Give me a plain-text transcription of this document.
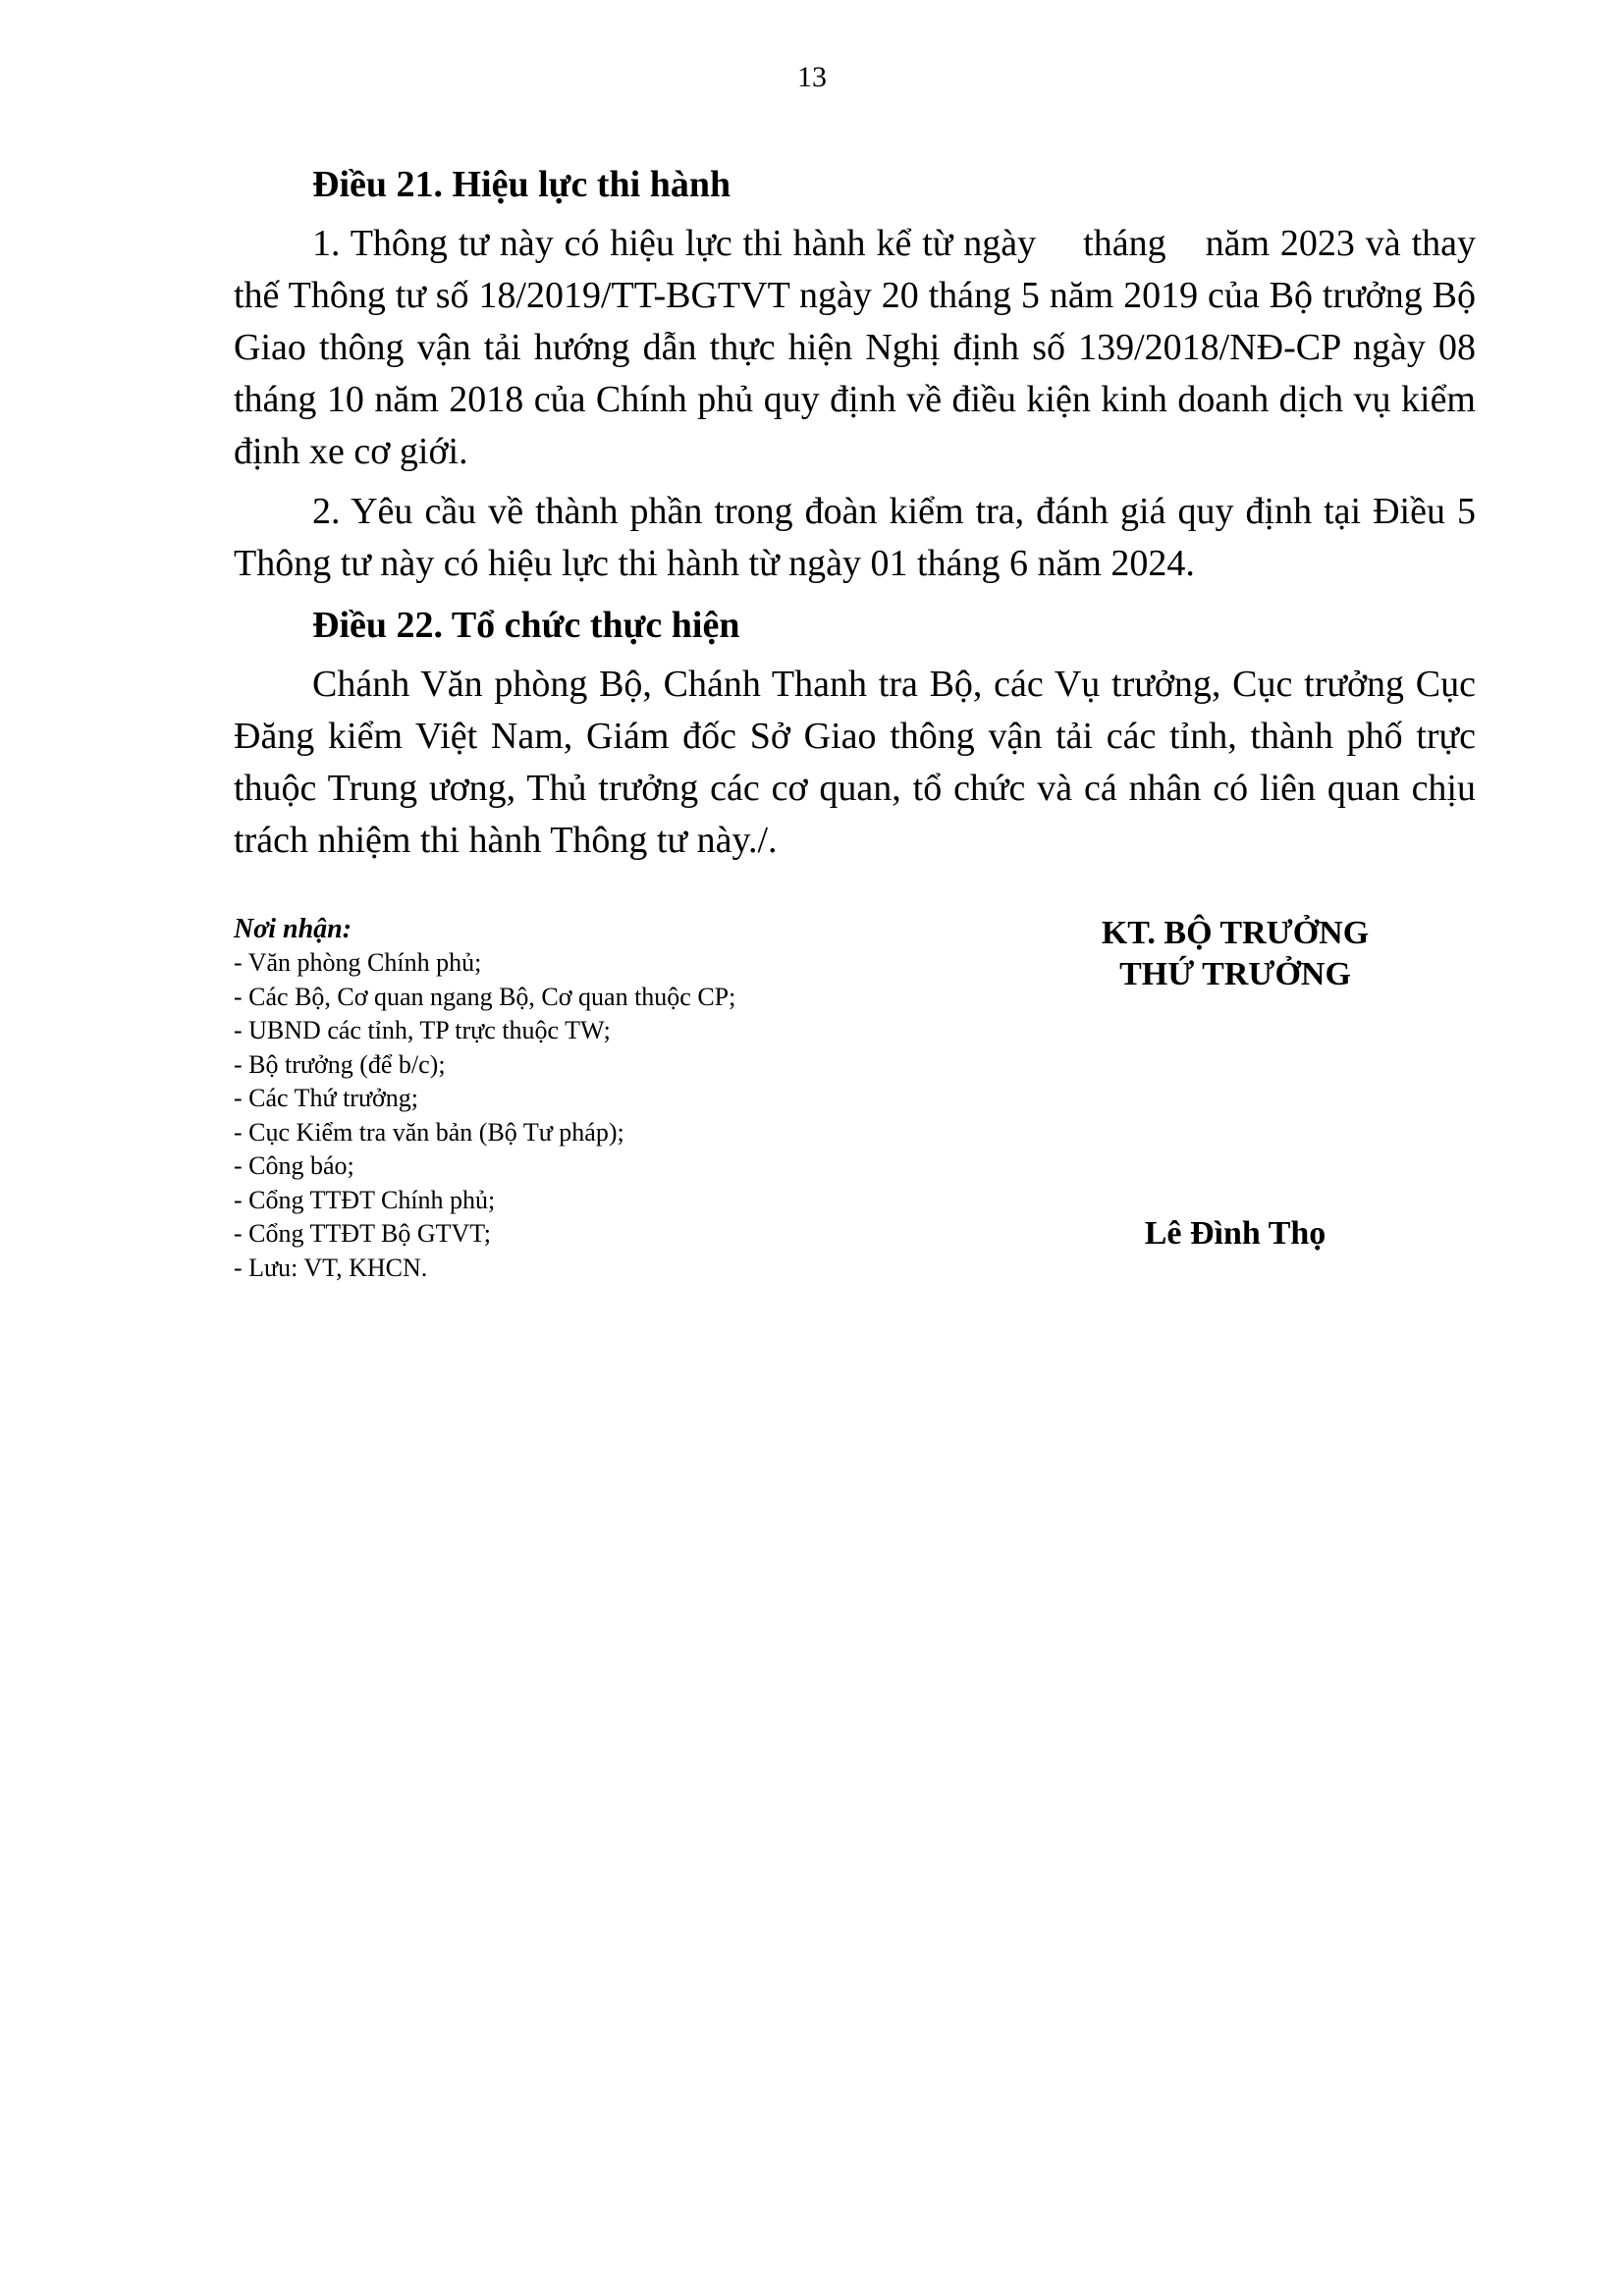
13
Điều 21. Hiệu lực thi hành

1. Thông tư này có hiệu lực thi hành kể từ ngày tháng năm 2023 và thay thế Thông tư số 18/2019/TT-BGTVT ngày 20 tháng 5 năm 2019 của Bộ trưởng Bộ Giao thông vận tải hướng dẫn thực hiện Nghị định số 139/2018/NĐ-CP ngày 08 tháng 10 năm 2018 của Chính phủ quy định về điều kiện kinh doanh dịch vụ kiểm định xe cơ giới.

2. Yêu cầu về thành phần trong đoàn kiểm tra, đánh giá quy định tại Điều 5 Thông tư này có hiệu lực thi hành từ ngày 01 tháng 6 năm 2024.

Điều 22. Tổ chức thực hiện

Chánh Văn phòng Bộ, Chánh Thanh tra Bộ, các Vụ trưởng, Cục trưởng Cục Đăng kiểm Việt Nam, Giám đốc Sở Giao thông vận tải các tỉnh, thành phố trực thuộc Trung ương, Thủ trưởng các cơ quan, tổ chức và cá nhân có liên quan chịu trách nhiệm thi hành Thông tư này./.

Nơi nhận:
- Văn phòng Chính phủ;
- Các Bộ, Cơ quan ngang Bộ, Cơ quan thuộc CP;
- UBND các tỉnh, TP trực thuộc TW;
- Bộ trưởng (để b/c);
- Các Thứ trưởng;
- Cục Kiểm tra văn bản (Bộ Tư pháp);
- Công báo;
- Cổng TTĐT Chính phủ;
- Cổng TTĐT Bộ GTVT;
- Lưu: VT, KHCN.
KT. BỘ TRƯỞNG
THỨ TRƯỞNG
Lê Đình Thọ
